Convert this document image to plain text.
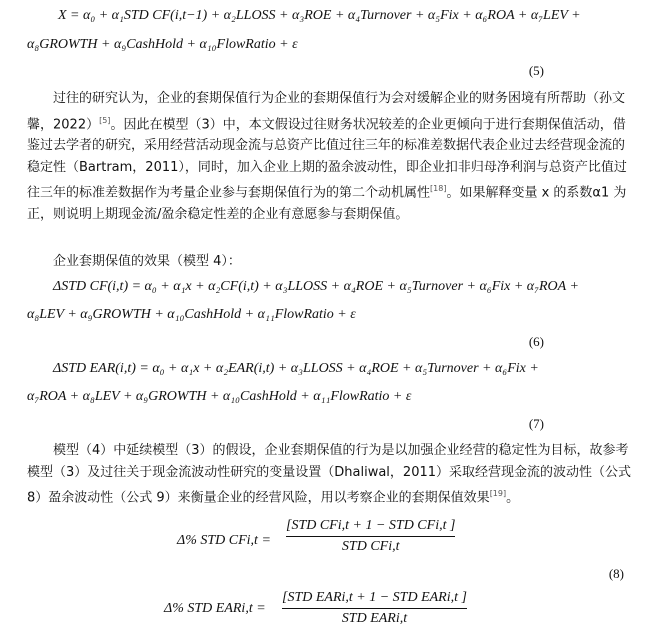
X = α₀ + α₁STD CF(i,t−1) + α₂LLOSS + α₃ROE + α₄Turnover + α₅Fix + α₆ROA + α₇LEV +
α₈GROWTH + α₉CashHold + α₁₀FlowRatio + ε
(5)
过往的研究认为，企业的套期保值行为企业的套期保值行为会对缓解企业的财务困境有所帮助（孙文馨，2022）[5]。因此在模型（3）中，本文假设过往财务状况较差的企业更倾向于进行套期保值活动，借鉴过去学者的研究，采用经营活动现金流与总资产比值过往三年的标准差数据代表企业过去经营现金流的稳定性（Bartram，2011），同时，加入企业上期的盈余波动性，即企业扣非归母净利润与总资产比值过往三年的标准差数据作为考量企业参与套期保值行为的第二个动机属性[18]。如果解释变量 x 的系数α1 为正，则说明上期现金流/盈余稳定性差的企业有意愿参与套期保值。
企业套期保值的效果（模型 4）：
ΔSTD CF(i,t) = α₀ + α₁x + α₂CF(i,t) + α₃LLOSS + α₄ROE + α₅Turnover + α₆Fix + α₇ROA +
α₈LEV + α₉GROWTH + α₁₀CashHold + α₁₁FlowRatio + ε
(6)
ΔSTD EAR(i,t) = α₀ + α₁x + α₂EAR(i,t) + α₃LLOSS + α₄ROE + α₅Turnover + α₆Fix +
α₇ROA + α₈LEV + α₉GROWTH + α₁₀CashHold + α₁₁FlowRatio + ε
(7)
模型（4）中延续模型（3）的假设，企业套期保值的行为是以加强企业经营的稳定性为目标，故参考模型（3）及过往关于现金流波动性研究的变量设置（Dhaliwal，2011）采取经营现金流的波动性（公式 8）盈余波动性（公式 9）来衡量企业的经营风险，用以考察企业的套期保值效果[19]。
Δ% STD CFi,t =
[STD CFi,t + 1 − STD CFi,t ]
STD CFi,t
(8)
Δ% STD EARi,t =
[STD EARi,t + 1 − STD EARi,t ]
STD EARi,t
